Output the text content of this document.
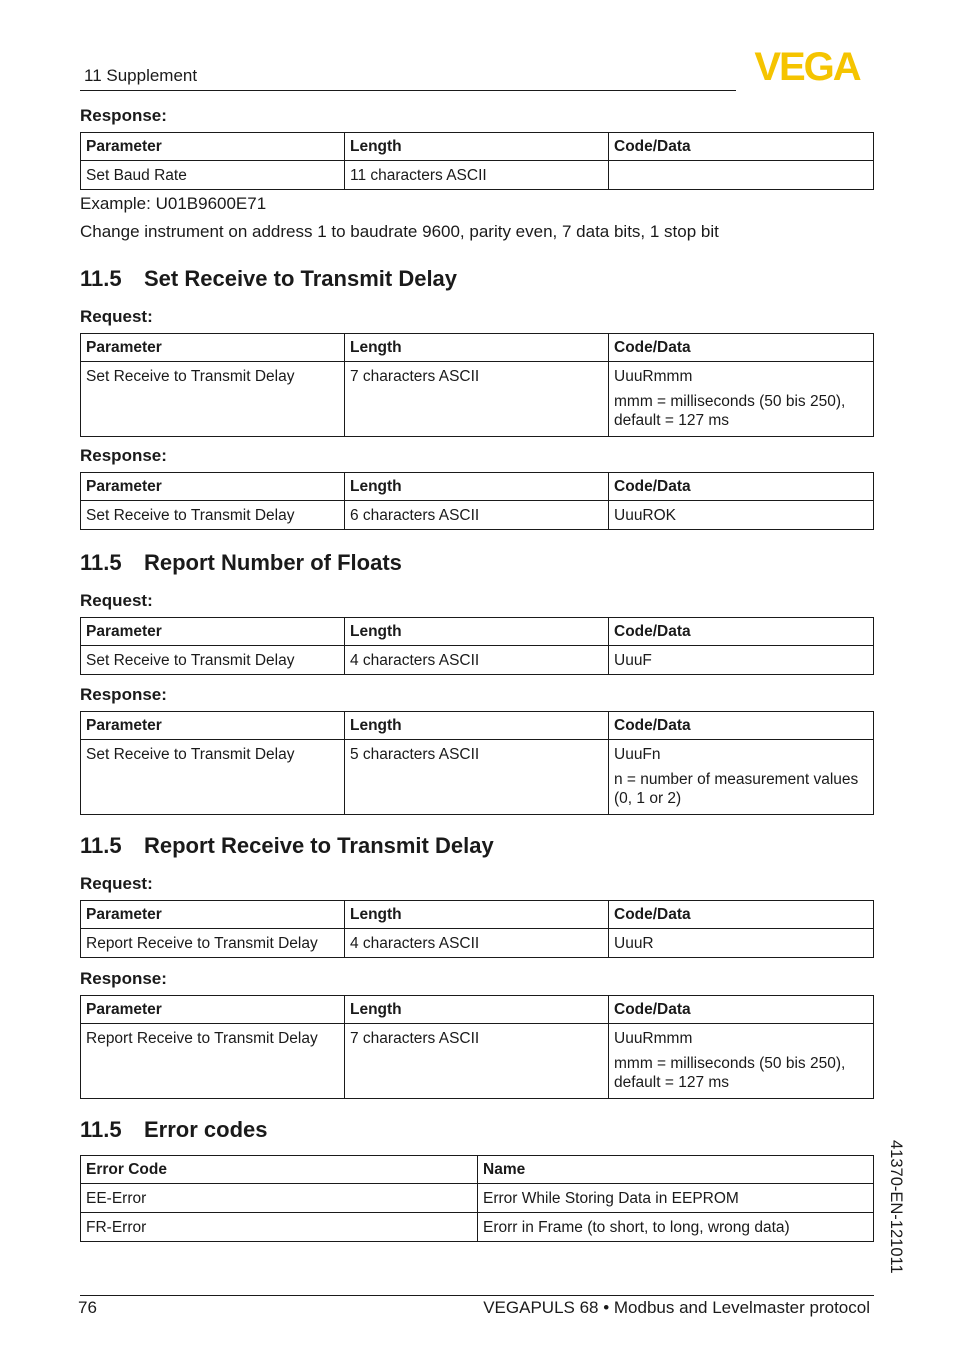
11 Supplement	VEGA
Response:
Parameter	Length	Code/Data
Set Baud Rate	11 characters ASCII	
Example: U01B9600E71
Change instrument on address 1 to baudrate 9600, parity even, 7 data bits, 1 stop bit
11.5 Set Receive to Transmit Delay
Request:
Parameter	Length	Code/Data
Set Receive to Transmit Delay	7 characters ASCII	UuuRmmm
mmm = milliseconds (50 bis 250), default = 127 ms
Response:
Parameter	Length	Code/Data
Set Receive to Transmit Delay	6 characters ASCII	UuuROK
11.5 Report Number of Floats
Request:
Parameter	Length	Code/Data
Set Receive to Transmit Delay	4 characters ASCII	UuuF
Response:
Parameter	Length	Code/Data
Set Receive to Transmit Delay	5 characters ASCII	UuuFn
n = number of measurement values (0, 1 or 2)
11.5 Report Receive to Transmit Delay
Request:
Parameter	Length	Code/Data
Report Receive to Transmit Delay	4 characters ASCII	UuuR
Response:
Parameter	Length	Code/Data
Report Receive to Transmit Delay	7 characters ASCII	UuuRmmm
mmm = milliseconds (50 bis 250), default = 127 ms
11.5 Error codes
Error Code	Name
EE-Error	Error While Storing Data in EEPROM
FR-Error	Erorr in Frame (to short, to long, wrong data)	41370-EN-121011
76	VEGAPULS 68 • Modbus and Levelmaster protocol
